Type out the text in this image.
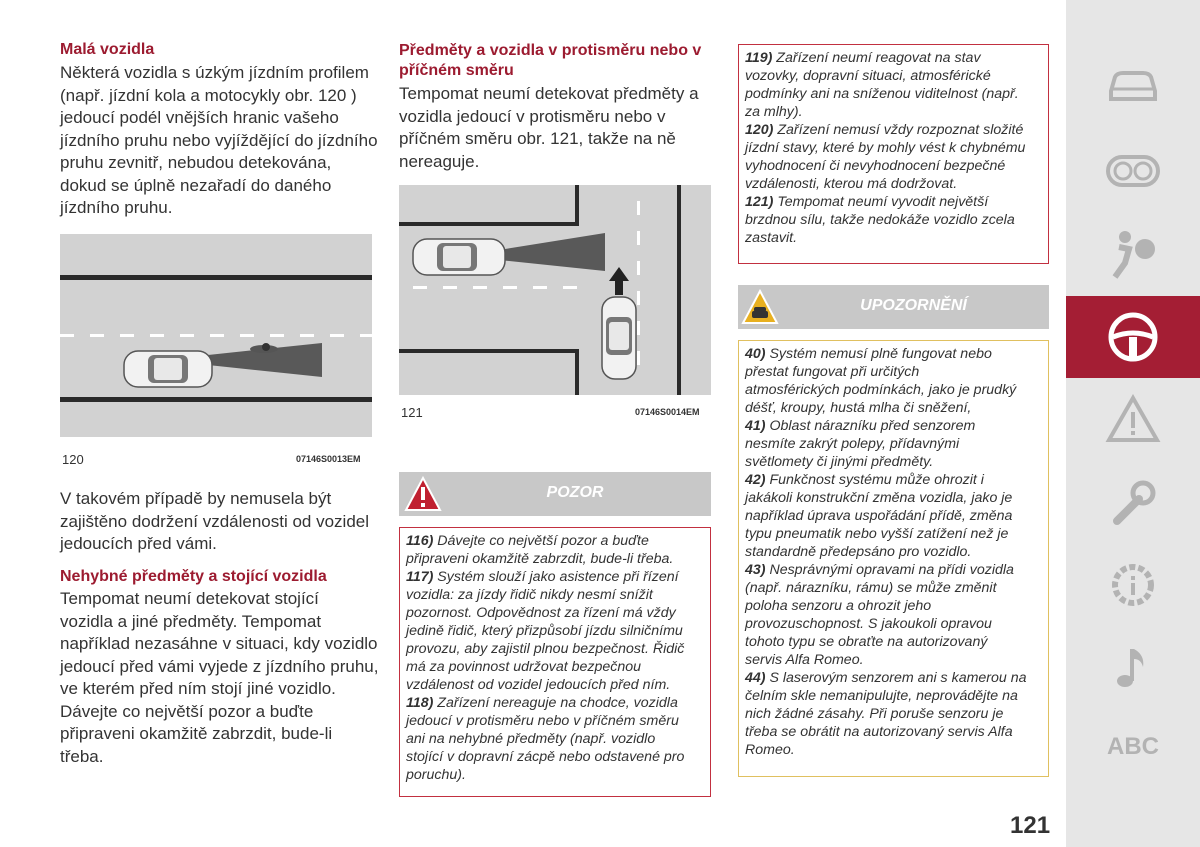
Malá vozidla
Některá vozidla s úzkým jízdním profilem
(např. jízdní kola a motocykly obr. 120 )
jedoucí podél vnějších hranic vašeho
jízdního pruhu nebo vyjíždějící do jízdního
pruhu zevnitř, nebudou detekována,
dokud se úplně nezařadí do daného
jízdního pruhu.
120	07146S0013EM
V takovém případě by nemusela být
zajištěno dodržení vzdálenosti od vozidel
jedoucích před vámi.
Nehybné předměty a stojící vozidla
Tempomat neumí detekovat stojící
vozidla a jiné předměty. Tempomat
například nezasáhne v situaci, kdy vozidlo
jedoucí před vámi vyjede z jízdního pruhu,
ve kterém před ním stojí jiné vozidlo.
Dávejte co největší pozor a buďte
připraveni okamžitě zabrzdit, bude-li
třeba.
Předměty a vozidla v protisměru nebo v
příčném směru
Tempomat neumí detekovat předměty a
vozidla jedoucí v protisměru nebo v
příčném směru obr. 121, takže na ně
nereaguje.
121	07146S0014EM
POZOR
116) Dávejte co největší pozor a buďte
připraveni okamžitě zabrzdit, bude-li třeba.
117) Systém slouží jako asistence při řízení
vozidla: za jízdy řidič nikdy nesmí snížit
pozornost. Odpovědnost za řízení má vždy
jedině řidič, který přizpůsobí jízdu silničnímu
provozu, aby zajistil plnou bezpečnost. Řidič
má za povinnost udržovat bezpečnou
vzdálenost od vozidel jedoucích před ním.
118) Zařízení nereaguje na chodce, vozidla
jedoucí v protisměru nebo v příčném směru
ani na nehybné předměty (např. vozidlo
stojící v dopravní zácpě nebo odstavené pro
poruchu).
119) Zařízení neumí reagovat na stav
vozovky, dopravní situaci, atmosférické
podmínky ani na sníženou viditelnost (např.
za mlhy).
120) Zařízení nemusí vždy rozpoznat složité
jízdní stavy, které by mohly vést k chybnému
vyhodnocení či nevyhodnocení bezpečné
vzdálenosti, kterou má dodržovat.
121) Tempomat neumí vyvodit největší
brzdnou sílu, takže nedokáže vozidlo zcela
zastavit.
UPOZORNĚNÍ
40) Systém nemusí plně fungovat nebo
přestat fungovat při určitých
atmosférických podmínkách, jako je prudký
déšť, kroupy, hustá mlha či sněžení,
41) Oblast nárazníku před senzorem
nesmíte zakrýt polepy, přídavnými
světlomety či jinými předměty.
42) Funkčnost systému může ohrozit i
jakákoli konstrukční změna vozidla, jako je
například úprava uspořádání přídě, změna
typu pneumatik nebo vyšší zatížení než je
standardně předepsáno pro vozidlo.
43) Nesprávnými opravami na přídi vozidla
(např. nárazníku, rámu) se může změnit
poloha senzoru a ohrozit jeho
provozuschopnost. S jakoukoli opravou
tohoto typu se obraťte na autorizovaný
servis Alfa Romeo.
44) S laserovým senzorem ani s kamerou na
čelním skle nemanipulujte, neprovádějte na
nich žádné zásahy. Při poruše senzoru je
třeba se obrátit na autorizovaný servis Alfa
Romeo.	ABC
121
